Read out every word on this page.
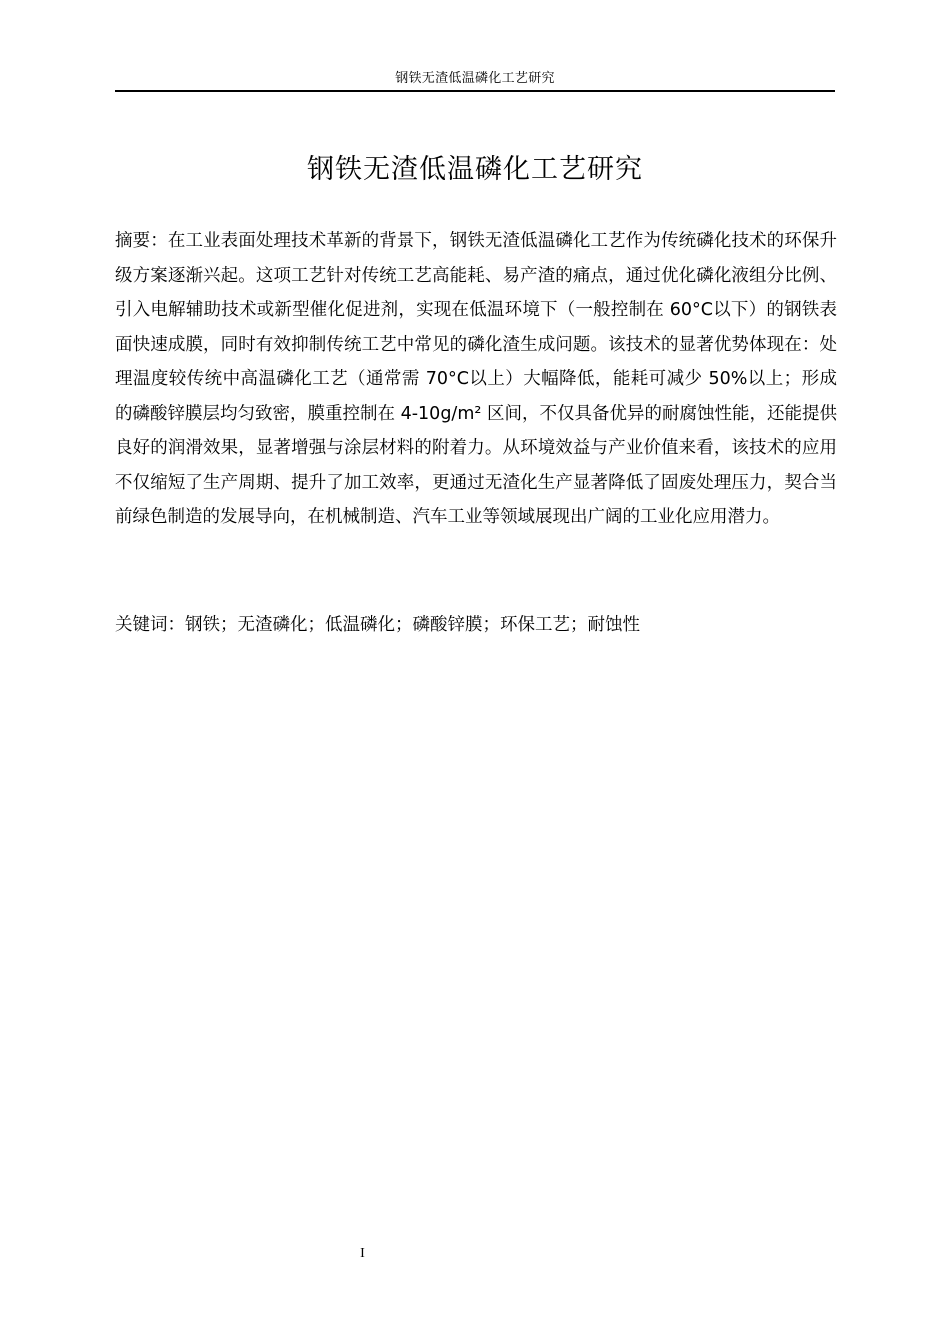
钢铁无渣低温磷化工艺研究
钢铁无渣低温磷化工艺研究

摘要：在工业表面处理技术革新的背景下，钢铁无渣低温磷化工艺作为传统磷化技术的环保升级方案逐渐兴起。这项工艺针对传统工艺高能耗、易产渣的痛点，通过优化磷化液组分比例、引入电解辅助技术或新型催化促进剂，实现在低温环境下（一般控制在 60°C以下）的钢铁表面快速成膜，同时有效抑制传统工艺中常见的磷化渣生成问题。该技术的显著优势体现在：处理温度较传统中高温磷化工艺（通常需 70°C以上）大幅降低，能耗可减少 50%以上；形成的磷酸锌膜层均匀致密，膜重控制在 4-10g/m² 区间，不仅具备优异的耐腐蚀性能，还能提供良好的润滑效果，显著增强与涂层材料的附着力。从环境效益与产业价值来看，该技术的应用不仅缩短了生产周期、提升了加工效率，更通过无渣化生产显著降低了固废处理压力，契合当前绿色制造的发展导向，在机械制造、汽车工业等领域展现出广阔的工业化应用潜力。

关键词：钢铁；无渣磷化；低温磷化；磷酸锌膜；环保工艺；耐蚀性

I
